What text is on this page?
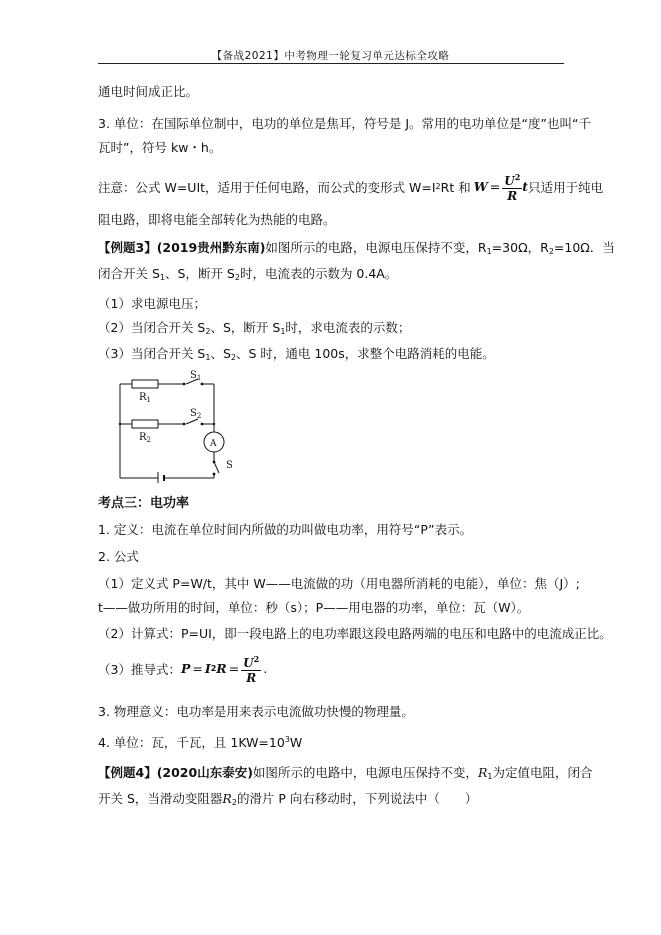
【备战2021】中考物理一轮复习单元达标全攻略
通电时间成正比。
3. 单位：在国际单位制中，电功的单位是焦耳，符号是 J。常用的电功单位是“度”也叫“千
瓦时”，符号 kw・h。
注意：公式 W=UIt，适用于任何电路，而公式的变形式 W=I 2 Rt 和 $W = \frac{U^2}{R}$ t 只适用于纯电
阻电路，即将电能全部转化为热能的电路。
【例题3】(2019贵州黔东南)如图所示的电路，电源电压保持不变，$R_1=30\Omega$，$R_2=10\Omega$．当
闭合开关 $S_1$、S，断开 $S_2$时，电流表的示数为 0.4A。
（1）求电源电压；
（2）当闭合开关 $S_2$、S，断开 $S_1$时，求电流表的示数；
（3）当闭合开关 $S_1$、$S_2$、S 时，通电 100s，求整个电路消耗的电能。
$S_1$
$S_2$
$R_1$
$R_2$	A
S
考点三：电功率
1. 定义：电流在单位时间内所做的功叫做电功率，用符号“P”表示。
2. 公式
（1）定义式 P=W/t，其中 W——电流做的功（用电器所消耗的电能），单位：焦（J）;
t——做功所用的时间，单位：秒（s）；P——用电器的功率，单位：瓦（W）。
（2）计算式：P=UI，即一段电路上的电功率跟这段电路两端的电压和电路中的电流成正比。
（3）推导式： P = I 2 $R = \frac{U^2}{R}$ .
3. 物理意义：电功率是用来表示电流做功快慢的物理量。
4. 单位：瓦，千瓦，且 $1KW=10^3W$
【例题4】(2020山东泰安)如图所示的电路中，电源电压保持不变，$R_1$为定值电阻，闭合
开关 S，当滑动变阻器$R_2$的滑片 P 向右移动时，下列说法中（　　）
